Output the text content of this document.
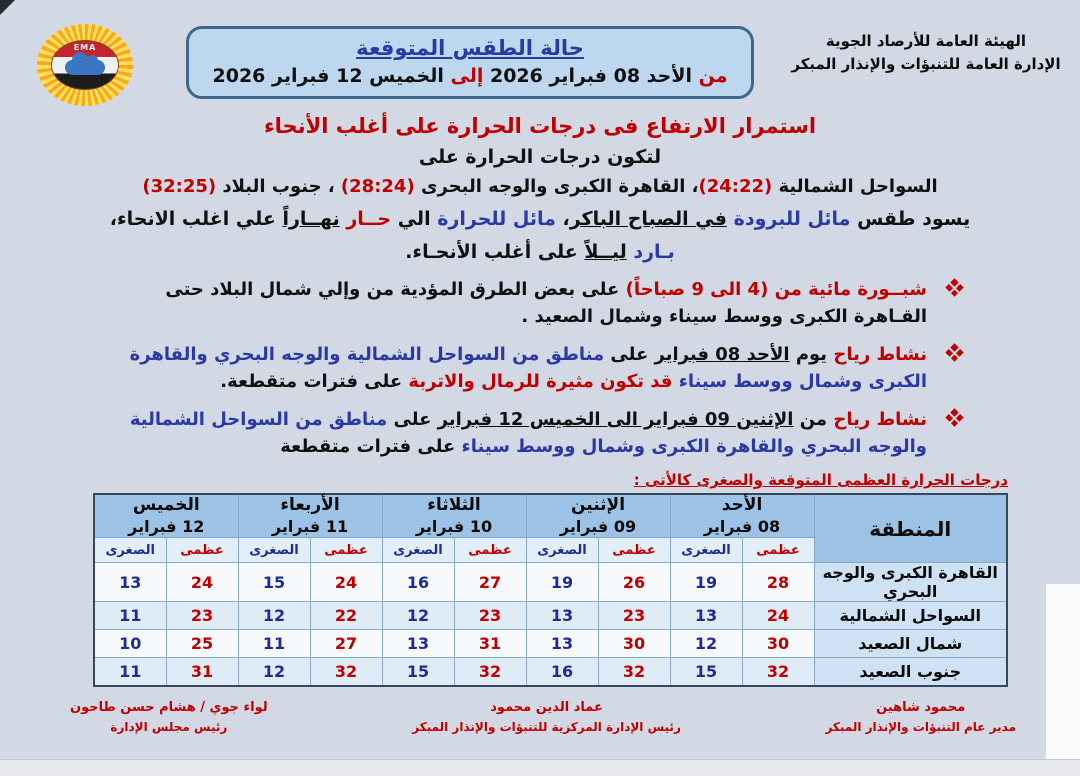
الهيئة العامة للأرصاد الجوية
الإدارة العامة للتنبؤات والإنذار المبكر
حالة الطقس المتوقعة
من الأحد 08 فبراير 2026 إلى الخميس 12 فبراير 2026
EMA
استمرار الارتفاع فى درجات الحرارة على أغلب الأنحاء
لتكون درجات الحرارة على
السواحل الشمالية (24:22)، القاهرة الكبرى والوجه البحرى (28:24) ، جنوب البلاد (32:25)
يسود طقس مائل للبرودة في الصباح الباكر، مائل للحرارة الي حــار نهــاراً علي اغلب الانحاء،
بـارد ليــلاً على أغلب الأنحـاء.
شبــورة مائية من (4 الى 9 صباحاً) على بعض الطرق المؤدية من وإلي شمال البلاد حتى القـاهرة الكبرى ووسط سيناء وشمال الصعيد .
نشاط رياح يوم الأحد 08 فبراير على مناطق من السواحل الشمالية والوجه البحري والقاهرة الكبرى وشمال ووسط سيناء قد تكون مثيرة للرمال والاتربة على فترات متقطعة.
نشاط رياح من الإثنين 09 فبراير الى الخميس 12 فبراير على مناطق من السواحل الشمالية والوجه البحري والقاهرة الكبرى وشمال ووسط سيناء على فترات متقطعة
درجات الحرارة العظمى المتوقعة والصغرى كالأتى :
المنطقة	
الأحد
08 فبراير

الإثنين
09 فبراير

الثلاثاء
10 فبراير

الأربعاء
11 فبراير

الخميس
12 فبراير

	عظمى	الصغرى	عظمى	الصغرى	عظمى	الصغرى	عظمى	الصغرى	عظمى	الصغرى
القاهرة الكبرى والوجه البحري	28	19	26	19	27	16	24	15	24	13
السواحل الشمالية	24	13	23	13	23	12	22	12	23	11
شمال الصعيد	30	12	30	13	31	13	27	11	25	10
جنوب الصعيد	32	15	32	16	32	15	32	12	31	11
محمود شاهين
مدير عام التنبؤات والإنذار المبكر
عماد الدين محمود
رئيس الإدارة المركزية للتنبؤات والإنذار المبكر
لواء جوي / هشام حسن طاحون
رئيس مجلس الإدارة
